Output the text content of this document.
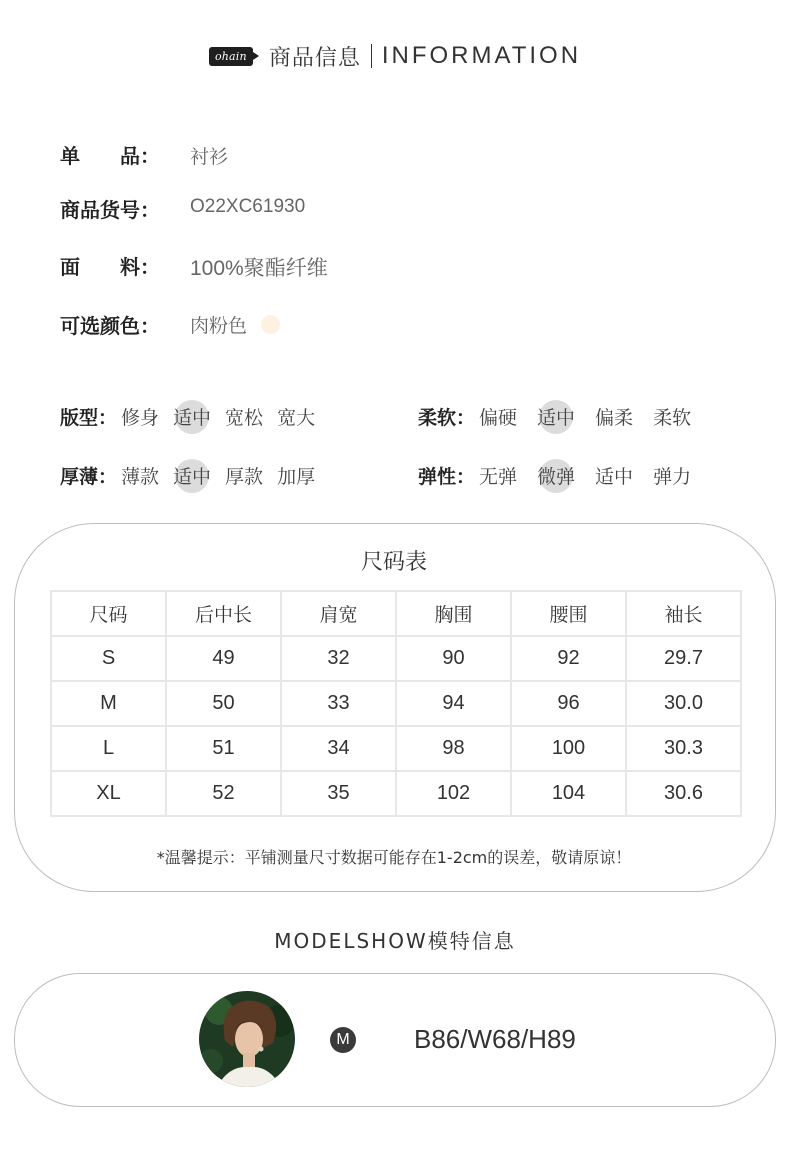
ohain 商品信息 INFORMATION
单　　品： 衬衫
商品货号： O22XC61930
面　　料： 100%聚酯纤维
可选颜色： 肉粉色
版型： 修身 适中 宽松 宽大	柔软： 偏硬 适中 偏柔 柔软
厚薄： 薄款 适中 厚款 加厚	弹性： 无弹 微弹 适中 弹力
尺码表
尺码	后中长	肩宽	胸围	腰围	袖长
S	49	32	90	92	29.7
M	50	33	94	96	30.0
L	51	34	98	100	30.3
XL	52	35	102	104	30.6
*温馨提示：平铺测量尺寸数据可能存在1-2cm的误差，敬请原谅！
MODELSHOW模特信息
M B86/W68/H89
